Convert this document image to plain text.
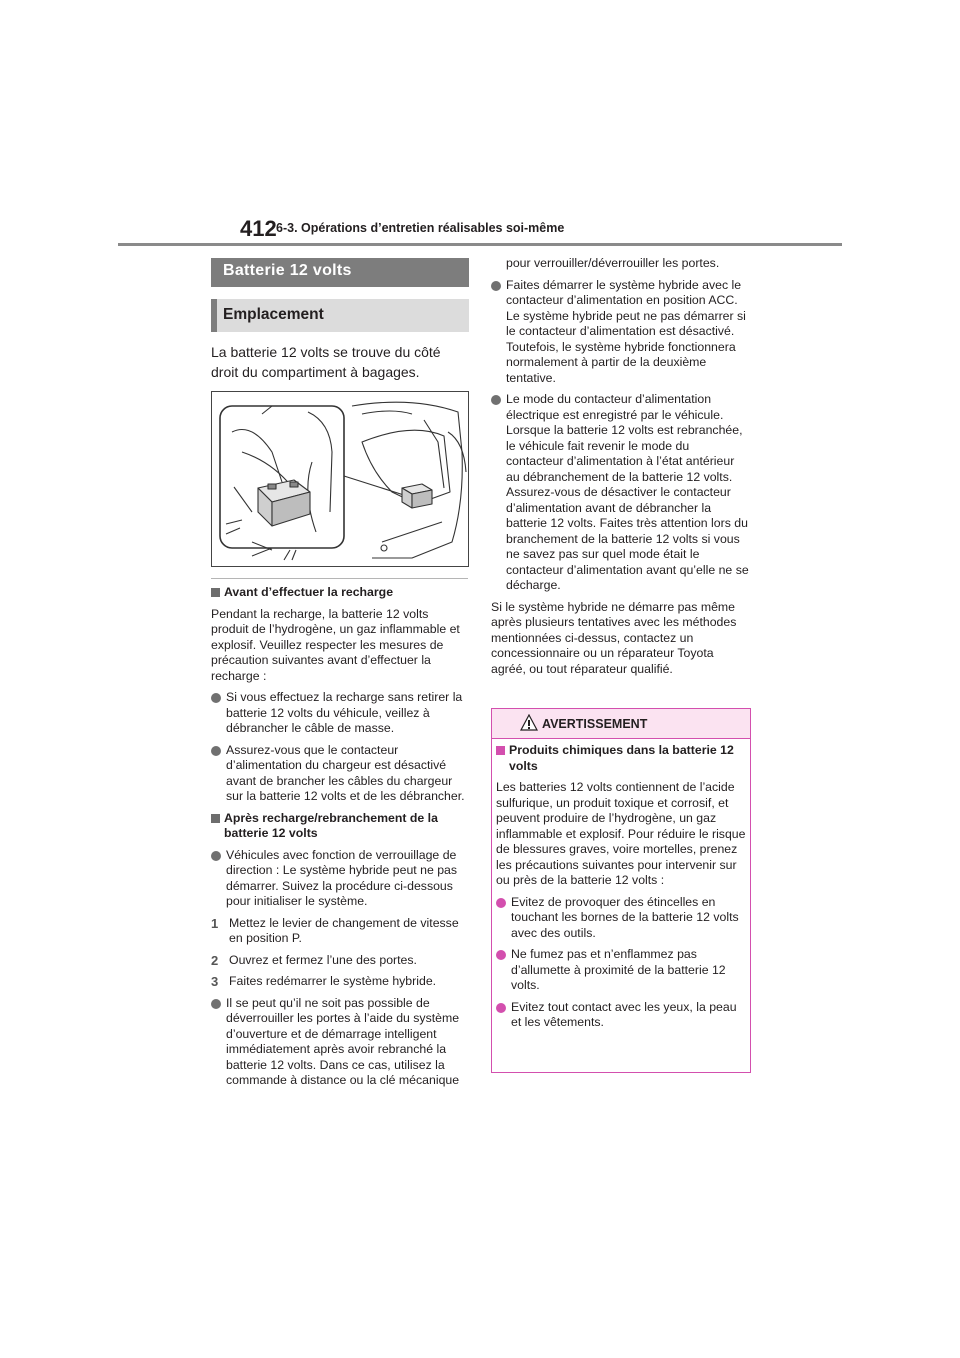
412 6-3. Opérations d’entretien réalisables soi-même
Batterie 12 volts
Emplacement
La batterie 12 volts se trouve du côté droit du compartiment à bagages.

Avant d’effectuer la recharge

Pendant la recharge, la batterie 12 volts produit de l’hydrogène, un gaz inflammable et explosif. Veuillez respecter les mesures de précaution suivantes avant d’effectuer la recharge :

Si vous effectuez la recharge sans retirer la batterie 12 volts du véhicule, veillez à débrancher le câble de masse.

Assurez-vous que le contacteur d’alimentation du chargeur est désactivé avant de brancher les câbles du chargeur sur la batterie 12 volts et de les débrancher.

Après recharge/rebranchement de la batterie 12 volts

Véhicules avec fonction de verrouillage de direction : Le système hybride peut ne pas démarrer. Suivez la procédure ci-dessous pour initialiser le système.

1 Mettez le levier de changement de vitesse en position P.

2 Ouvrez et fermez l’une des portes.

3 Faites redémarrer le système hybride.

Il se peut qu’il ne soit pas possible de déverrouiller les portes à l’aide du système d’ouverture et de démarrage intelligent immédiatement après avoir rebranché la batterie 12 volts. Dans ce cas, utilisez la commande à distance ou la clé mécanique

pour verrouiller/déverrouiller les portes.

Faites démarrer le système hybride avec le contacteur d’alimentation en position ACC. Le système hybride peut ne pas démarrer si le contacteur d’alimentation est désactivé. Toutefois, le système hybride fonctionnera normalement à partir de la deuxième tentative.

Le mode du contacteur d’alimentation électrique est enregistré par le véhicule. Lorsque la batterie 12 volts est rebranchée, le véhicule fait revenir le mode du contacteur d’alimentation à l’état antérieur au débranchement de la batterie 12 volts. Assurez-vous de désactiver le contacteur d’alimentation avant de débrancher la batterie 12 volts. Faites très attention lors du branchement de la batterie 12 volts si vous ne savez pas sur quel mode était le contacteur d’alimentation avant qu’elle ne se décharge.

Si le système hybride ne démarre pas même après plusieurs tentatives avec les méthodes mentionnées ci-dessus, contactez un concessionnaire ou un réparateur Toyota agréé, ou tout réparateur qualifié.

AVERTISSEMENT

Produits chimiques dans la batterie 12 volts

Les batteries 12 volts contiennent de l’acide sulfurique, un produit toxique et corrosif, et peuvent produire de l’hydrogène, un gaz inflammable et explosif. Pour réduire le risque de blessures graves, voire mortelles, prenez les précautions suivantes pour intervenir sur ou près de la batterie 12 volts :

Evitez de provoquer des étincelles en touchant les bornes de la batterie 12 volts avec des outils.

Ne fumez pas et n’enflammez pas d’allumette à proximité de la batterie 12 volts.

Evitez tout contact avec les yeux, la peau et les vêtements.
